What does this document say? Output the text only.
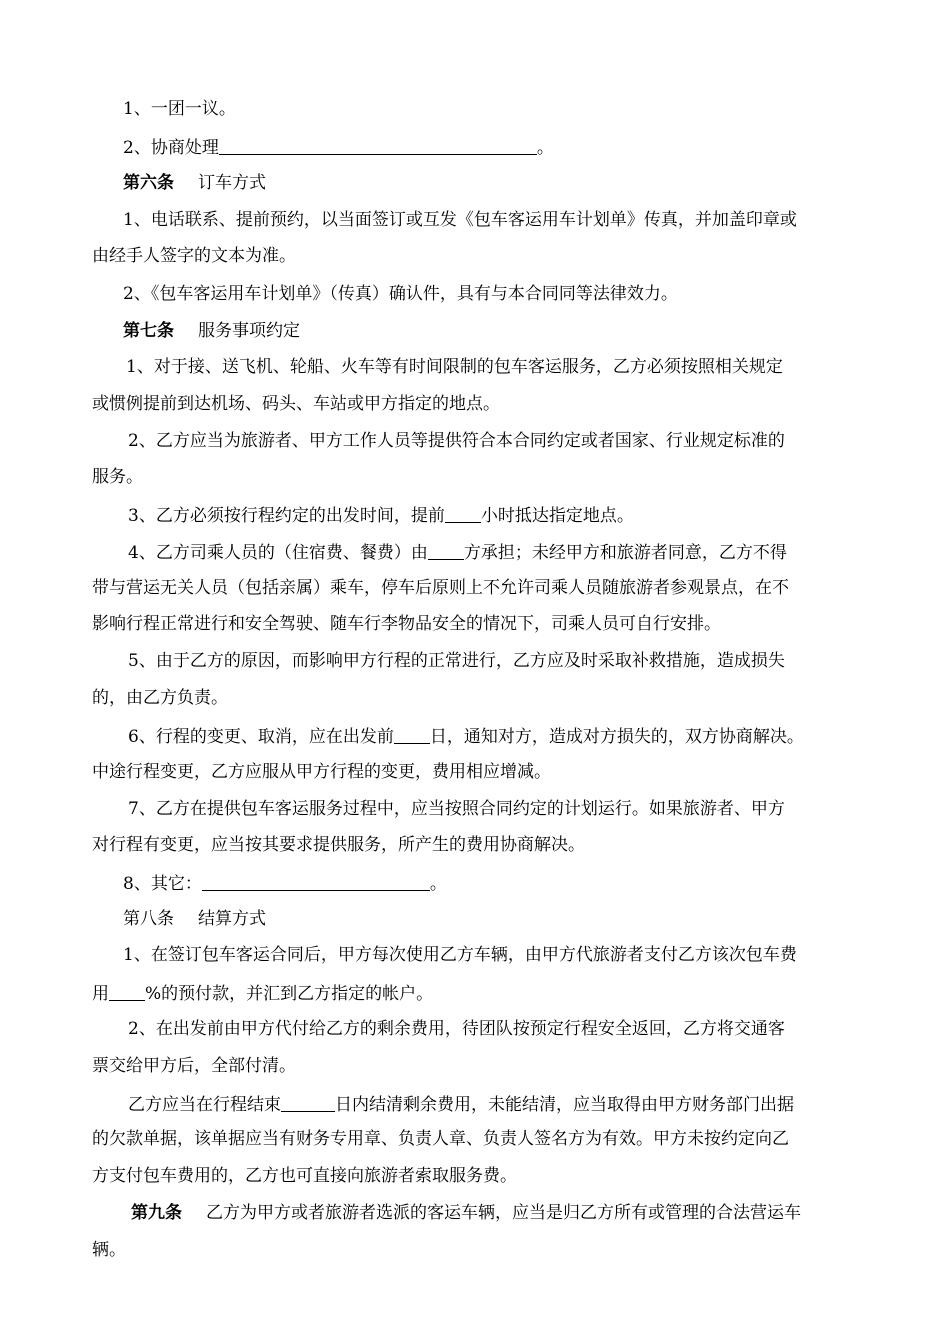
1、一团一议。
2、协商处理	。
第六条 订车方式
1、电话联系、提前预约，以当面签订或互发《包车客运用车计划单》传真，并加盖印章或
由经手人签字的文本为准。
2、《包车客运用车计划单》（传真）确认件，具有与本合同同等法律效力。
第七条 服务事项约定
1、对于接、送飞机、轮船、火车等有时间限制的包车客运服务，乙方必须按照相关规定
或惯例提前到达机场、码头、车站或甲方指定的地点。
2、乙方应当为旅游者、甲方工作人员等提供符合本合同约定或者国家、行业规定标准的
服务。
3、乙方必须按行程约定的出发时间，提前 小时抵达指定地点。
4、乙方司乘人员的（住宿费、餐费）由 方承担；未经甲方和旅游者同意，乙方不得
带与营运无关人员（包括亲属）乘车，停车后原则上不允许司乘人员随旅游者参观景点，在不
影响行程正常进行和安全驾驶、随车行李物品安全的情况下，司乘人员可自行安排。
5、由于乙方的原因，而影响甲方行程的正常进行，乙方应及时采取补救措施，造成损失
的，由乙方负责。
6、行程的变更、取消，应在出发前 日，通知对方，造成对方损失的，双方协商解决。
中途行程变更，乙方应服从甲方行程的变更，费用相应增减。
7、乙方在提供包车客运服务过程中，应当按照合同约定的计划运行。如果旅游者、甲方
对行程有变更，应当按其要求提供服务，所产生的费用协商解决。
8、其它：	。
第八条 结算方式
1、在签订包车客运合同后，甲方每次使用乙方车辆，由甲方代旅游者支付乙方该次包车费
用 %的预付款，并汇到乙方指定的帐户。
2、在出发前由甲方代付给乙方的剩余费用，待团队按预定行程安全返回，乙方将交通客
票交给甲方后，全部付清。
乙方应当在行程结束	日内结清剩余费用，未能结清，应当取得由甲方财务部门出据
的欠款单据，该单据应当有财务专用章、负责人章、负责人签名方为有效。甲方未按约定向乙
方支付包车费用的，乙方也可直接向旅游者索取服务费。
第九条 乙方为甲方或者旅游者选派的客运车辆，应当是归乙方所有或管理的合法营运车
辆。
